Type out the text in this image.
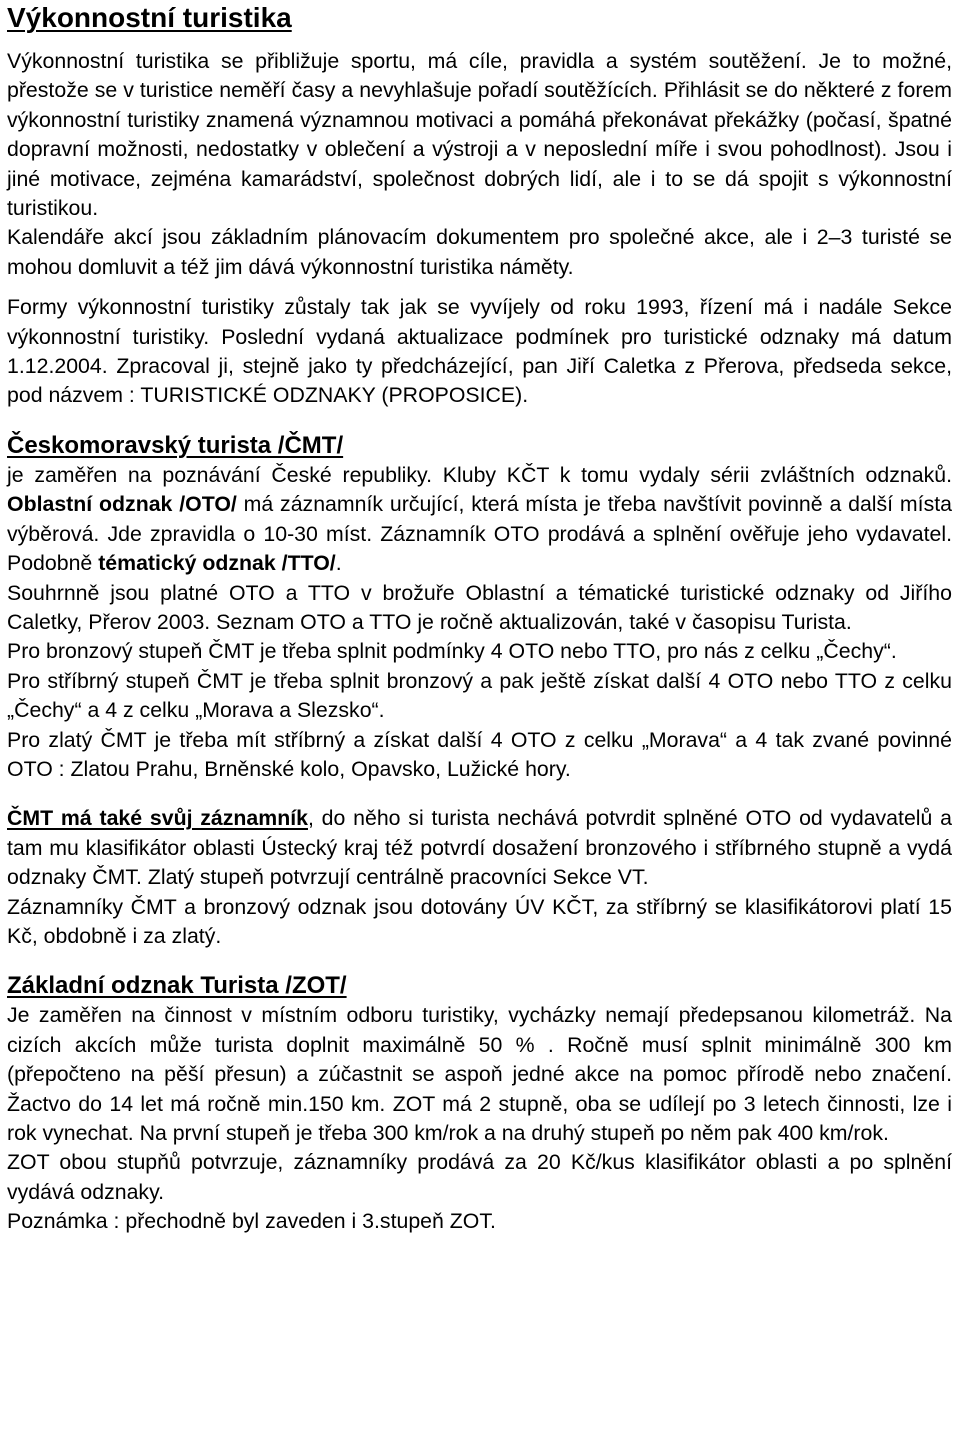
Výkonnostní turistika

Výkonnostní turistika se přibližuje sportu, má cíle, pravidla a systém soutěžení. Je to možné, přestože se v turistice neměří časy a nevyhlašuje pořadí soutěžících. Přihlásit se do některé z forem výkonnostní turistiky znamená významnou motivaci a pomáhá překonávat překážky (počasí, špatné dopravní možnosti, nedostatky v oblečení a výstroji a v neposlední míře i svou pohodlnost). Jsou i jiné motivace, zejména kamarádství, společnost dobrých lidí, ale i to se dá spojit s výkonnostní turistikou.

Kalendáře akcí jsou základním plánovacím dokumentem pro společné akce, ale i 2–3 turisté se mohou domluvit a též jim dává výkonnostní turistika náměty.

Formy výkonnostní turistiky zůstaly tak jak se vyvíjely od roku 1993, řízení má i nadále Sekce výkonnostní turistiky. Poslední vydaná aktualizace podmínek pro turistické odznaky má datum 1.12.2004. Zpracoval ji, stejně jako ty předcházející, pan Jiří Caletka z Přerova, předseda sekce, pod názvem : TURISTICKÉ ODZNAKY (PROPOSICE).

Českomoravský turista /ČMT/

je zaměřen na poznávání České republiky. Kluby KČT k tomu vydaly sérii zvláštních odznaků. Oblastní odznak /OTO/ má záznamník určující, která místa je třeba navštívit povinně a další místa výběrová. Jde zpravidla o 10-30 míst. Záznamník OTO prodává a splnění ověřuje jeho vydavatel. Podobně tématický odznak /TTO/.

Souhrnně jsou platné OTO a TTO v brožuře Oblastní a tématické turistické odznaky od Jiřího Caletky, Přerov 2003. Seznam OTO a TTO je ročně aktualizován, také v časopisu Turista.

Pro bronzový stupeň ČMT je třeba splnit podmínky 4 OTO nebo TTO, pro nás z celku „Čechy“.

Pro stříbrný stupeň ČMT je třeba splnit bronzový a pak ještě získat další 4 OTO nebo TTO z celku „Čechy“ a 4 z celku „Morava a Slezsko“.

Pro zlatý ČMT je třeba mít stříbrný a získat další 4 OTO z celku „Morava“ a 4 tak zvané povinné OTO : Zlatou Prahu, Brněnské kolo, Opavsko, Lužické hory.

ČMT má také svůj záznamník, do něho si turista nechává potvrdit splněné OTO od vydavatelů a tam mu klasifikátor oblasti Ústecký kraj též potvrdí dosažení bronzového i stříbrného stupně a vydá odznaky ČMT. Zlatý stupeň potvrzují centrálně pracovníci Sekce VT.

Záznamníky ČMT a bronzový odznak jsou dotovány ÚV KČT, za stříbrný se klasifikátorovi platí 15 Kč, obdobně i za zlatý.

Základní odznak Turista /ZOT/

Je zaměřen na činnost v místním odboru turistiky, vycházky nemají předepsanou kilometráž. Na cizích akcích může turista doplnit maximálně 50 % . Ročně musí splnit minimálně 300 km (přepočteno na pěší přesun) a zúčastnit se aspoň jedné akce na pomoc přírodě nebo značení. Žactvo do 14 let má ročně min.150 km. ZOT má 2 stupně, oba se udílejí po 3 letech činnosti, lze i rok vynechat. Na první stupeň je třeba 300 km/rok a na druhý stupeň po něm pak 400 km/rok.

ZOT obou stupňů potvrzuje, záznamníky prodává za 20 Kč/kus klasifikátor oblasti a po splnění vydává odznaky.

Poznámka : přechodně byl zaveden i 3.stupeň ZOT.
